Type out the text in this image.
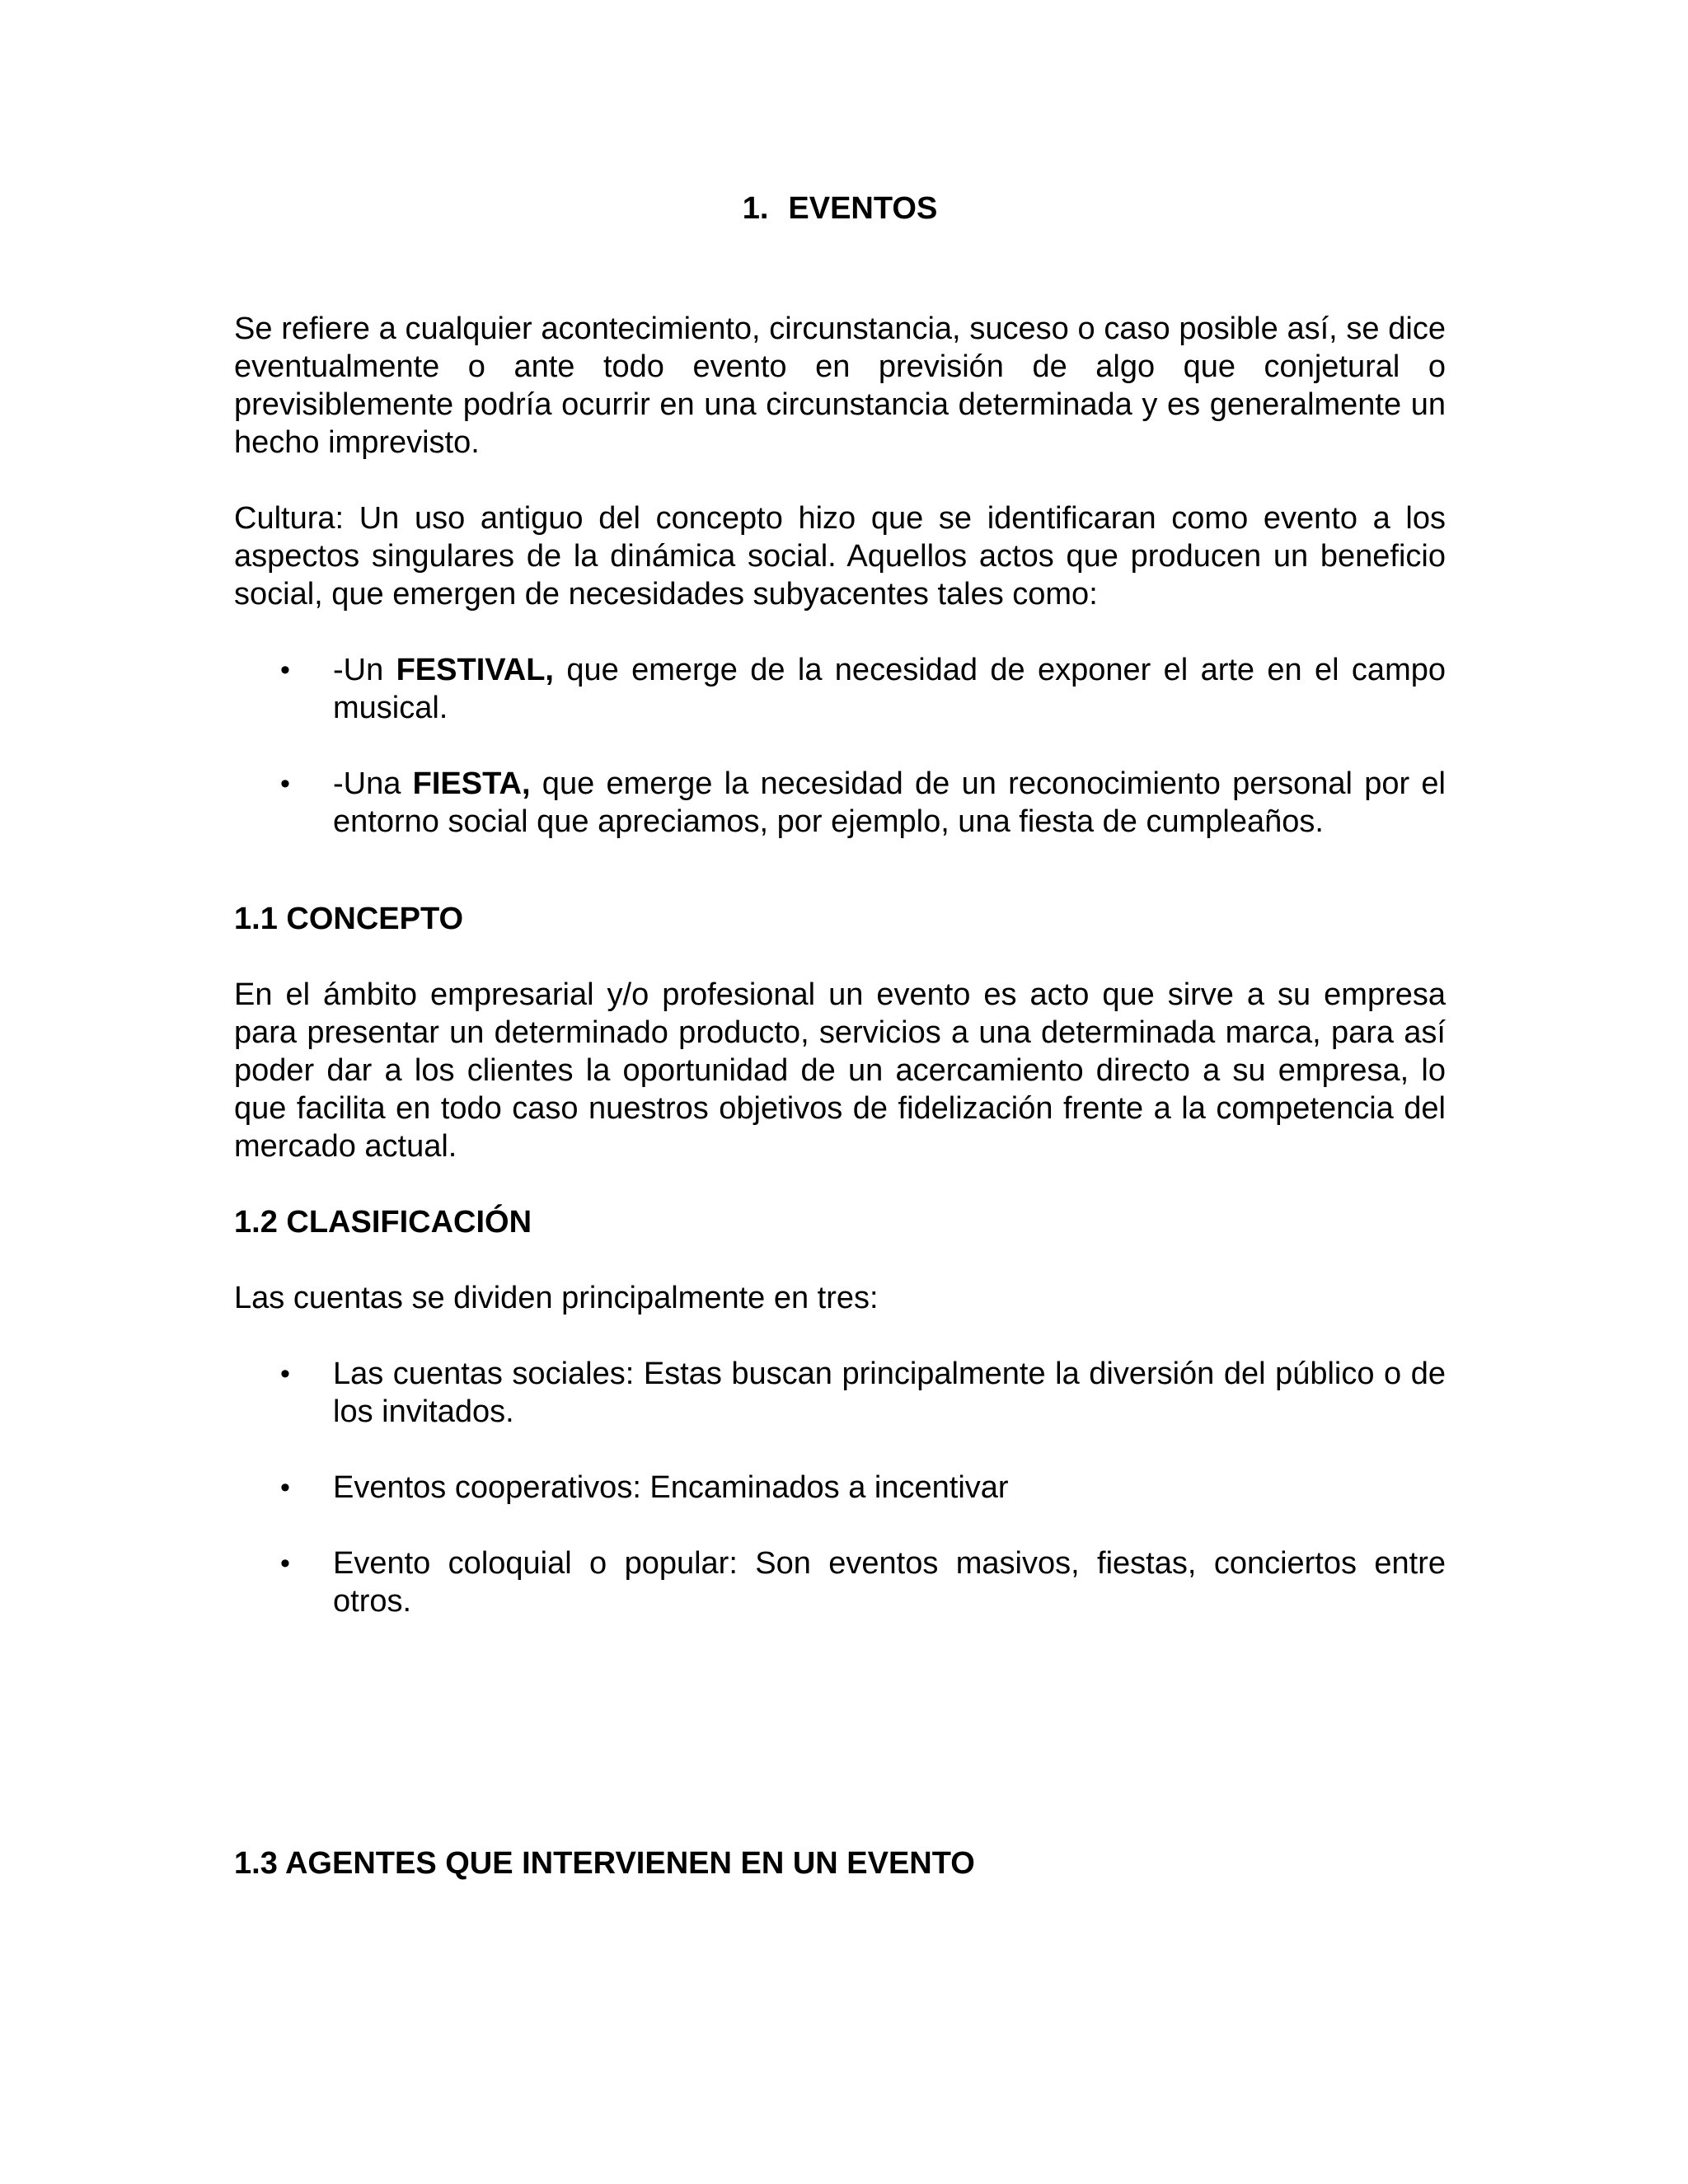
1. EVENTOS

Se refiere a cualquier acontecimiento, circunstancia, suceso o caso posible así, se dice eventualmente o ante todo evento en previsión de algo que conjetural o previsiblemente podría ocurrir en una circunstancia determinada y es generalmente un hecho imprevisto.

Cultura: Un uso antiguo del concepto hizo que se identificaran como evento a los aspectos singulares de la dinámica social. Aquellos actos que producen un beneficio social, que emergen de necesidades subyacentes tales como:

• -Un FESTIVAL, que emerge de la necesidad de exponer el arte en el campo musical.
• -Una FIESTA, que emerge la necesidad de un reconocimiento personal por el entorno social que apreciamos, por ejemplo, una fiesta de cumpleaños.
1.1 CONCEPTO

En el ámbito empresarial y/o profesional un evento es acto que sirve a su empresa para presentar un determinado producto, servicios a una determinada marca, para así poder dar a los clientes la oportunidad de un acercamiento directo a su empresa, lo que facilita en todo caso nuestros objetivos de fidelización frente a la competencia del mercado actual.

1.2 CLASIFICACIÓN

Las cuentas se dividen principalmente en tres:

• Las cuentas sociales: Estas buscan principalmente la diversión del público o de    los invitados.
• Eventos cooperativos: Encaminados a incentivar
• Evento coloquial o popular: Son eventos masivos, fiestas, conciertos entre otros.
1.3 AGENTES QUE INTERVIENEN EN UN EVENTO
